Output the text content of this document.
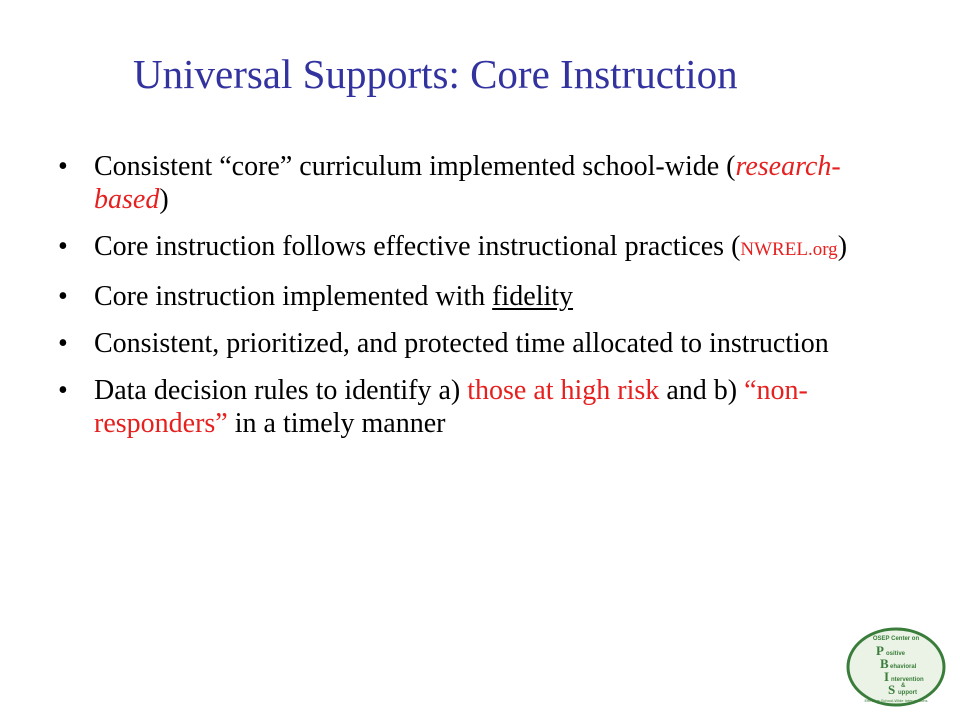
Universal Supports: Core Instruction
• Consistent “core” curriculum implemented school-wide (research-based)
• Core instruction follows effective instructional practices (NWREL.org)
• Core instruction implemented with fidelity
• Consistent, prioritized, and protected time allocated to instruction
• Data decision rules to identify a) those at high risk and b) “non-responders” in a timely manner
OSEP Center on
P ositive
B ehavioral
I ntervention
&
S upport
Effective School-Wide Interventions
